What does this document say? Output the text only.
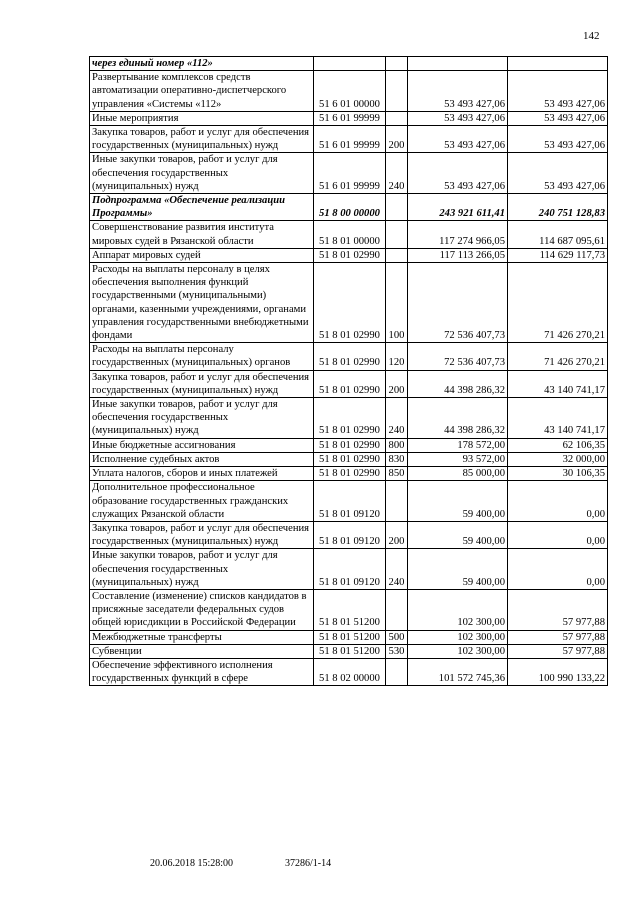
142
через единый номер «112»				
Развертывание комплексов средств автоматизации оперативно-диспетчерского управления «Системы «112»	51 6 01 00000		53 493 427,06	53 493 427,06
Иные мероприятия	51 6 01 99999		53 493 427,06	53 493 427,06
Закупка товаров, работ и услуг для обеспечения государственных (муниципальных) нужд	51 6 01 99999	200	53 493 427,06	53 493 427,06
Иные закупки товаров, работ и услуг для обеспечения государственных (муниципальных) нужд	51 6 01 99999	240	53 493 427,06	53 493 427,06
Подпрограмма «Обеспечение реализации Программы»	51 8 00 00000		243 921 611,41	240 751 128,83
Совершенствование развития института мировых судей в Рязанской области	51 8 01 00000		117 274 966,05	114 687 095,61
Аппарат мировых судей	51 8 01 02990		117 113 266,05	114 629 117,73
Расходы на выплаты персоналу в целях обеспечения выполнения функций государственными (муниципальными) органами, казенными учреждениями, органами управления государственными внебюджетными фондами	51 8 01 02990	100	72 536 407,73	71 426 270,21
Расходы на выплаты персоналу государственных (муниципальных) органов	51 8 01 02990	120	72 536 407,73	71 426 270,21
Закупка товаров, работ и услуг для обеспечения государственных (муниципальных) нужд	51 8 01 02990	200	44 398 286,32	43 140 741,17
Иные закупки товаров, работ и услуг для обеспечения государственных (муниципальных) нужд	51 8 01 02990	240	44 398 286,32	43 140 741,17
Иные бюджетные ассигнования	51 8 01 02990	800	178 572,00	62 106,35
Исполнение судебных актов	51 8 01 02990	830	93 572,00	32 000,00
Уплата налогов, сборов и иных платежей	51 8 01 02990	850	85 000,00	30 106,35
Дополнительное профессиональное образование государственных гражданских служащих Рязанской области	51 8 01 09120		59 400,00	0,00
Закупка товаров, работ и услуг для обеспечения государственных (муниципальных) нужд	51 8 01 09120	200	59 400,00	0,00
Иные закупки товаров, работ и услуг для обеспечения государственных (муниципальных) нужд	51 8 01 09120	240	59 400,00	0,00
Составление (изменение) списков кандидатов в присяжные заседатели федеральных судов общей юрисдикции в Российской Федерации	51 8 01 51200		102 300,00	57 977,88
Межбюджетные трансферты	51 8 01 51200	500	102 300,00	57 977,88
Субвенции	51 8 01 51200	530	102 300,00	57 977,88
Обеспечение эффективного исполнения государственных функций в сфере	51 8 02 00000		101 572 745,36	100 990 133,22
20.06.2018 15:28:00	37286/1-14
